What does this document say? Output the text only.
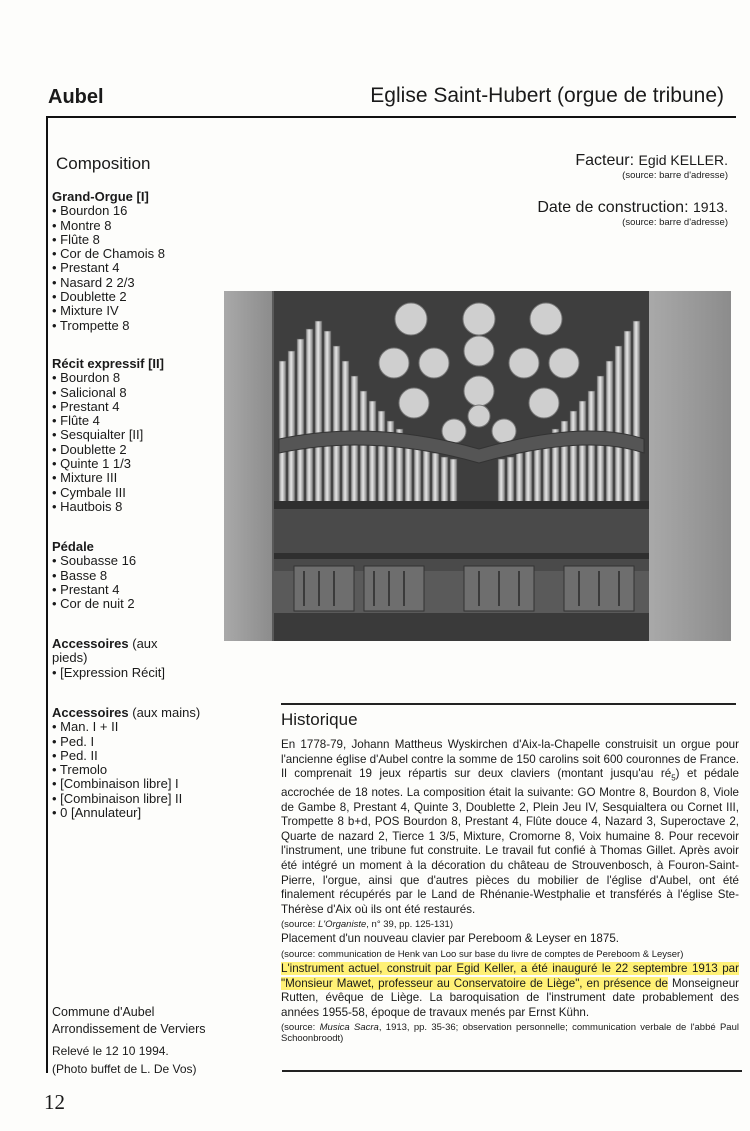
Aubel	Eglise Saint-Hubert (orgue de tribune)
Composition
Grand-Orgue [I]
• Bourdon 16
• Montre 8
• Flûte 8
• Cor de Chamois 8
• Prestant 4
• Nasard 2 2/3
• Doublette 2
• Mixture IV
• Trompette 8
Récit expressif [II]
• Bourdon 8
• Salicional 8
• Prestant 4
• Flûte 4
• Sesquialter [II]
• Doublette 2
• Quinte 1 1/3
• Mixture III
• Cymbale III
• Hautbois 8
Pédale
• Soubasse 16
• Basse 8
• Prestant 4
• Cor de nuit 2
Accessoires (aux pieds)
• [Expression Récit]
Accessoires (aux mains)
• Man. I + II
• Ped. I
• Ped. II
• Tremolo
• [Combinaison libre] I
• [Combinaison libre] II
• 0 [Annulateur]
Facteur: Egid KELLER.
(source: barre d'adresse)
Date de construction: 1913.
(source: barre d'adresse)
Historique

En 1778-79, Johann Mattheus Wyskirchen d'Aix-la-Chapelle construisit un orgue pour l'ancienne église d'Aubel contre la somme de 150 carolins soit 600 couronnes de France. Il comprenait 19 jeux répartis sur deux claviers (montant jusqu'au $ré_5$) et pédale accrochée de 18 notes. La composition était la suivante: GO Montre 8, Bourdon 8, Viole de Gambe 8, Prestant 4, Quinte 3, Doublette 2, Plein Jeu IV, Sesquialtera ou Cornet III, Trompette 8 b+d, POS Bourdon 8, Prestant 4, Flûte douce 4, Nazard 3, Superoctave 2, Quarte de nazard 2, Tierce 1 3/5, Mixture, Cromorne 8, Voix humaine 8. Pour recevoir l'instrument, une tribune fut construite. Le travail fut confié à Thomas Gillet. Après avoir été intégré un moment à la décoration du château de Strouvenbosch, à Fouron-Saint-Pierre, l'orgue, ainsi que d'autres pièces du mobilier de l'église d'Aubel, ont été finalement récupérés par le Land de Rhénanie-Westphalie et transférés à l'église Ste-Thérèse d'Aix où ils ont été restaurés.

(source: L'Organiste, n° 39, pp. 125-131)

Placement d'un nouveau clavier par Pereboom & Leyser en 1875.

(source: communication de Henk van Loo sur base du livre de comptes de Pereboom & Leyser)

L'instrument actuel, construit par Egid Keller, a été inauguré le 22 septembre 1913 par "Monsieur Mawet, professeur au Conservatoire de Liège", en présence de Monseigneur Rutten, évêque de Liège. La baroquisation de l'instrument date probablement des années 1955-58, époque de travaux menés par Ernst Kühn.

(source: Musica Sacra, 1913, pp. 35-36; observation personnelle; communication verbale de l'abbé Paul Schoonbroodt)

Commune d'Aubel
Arrondissement de Verviers
Relevé le 12 10 1994.
(Photo buffet de L. De Vos)
12
